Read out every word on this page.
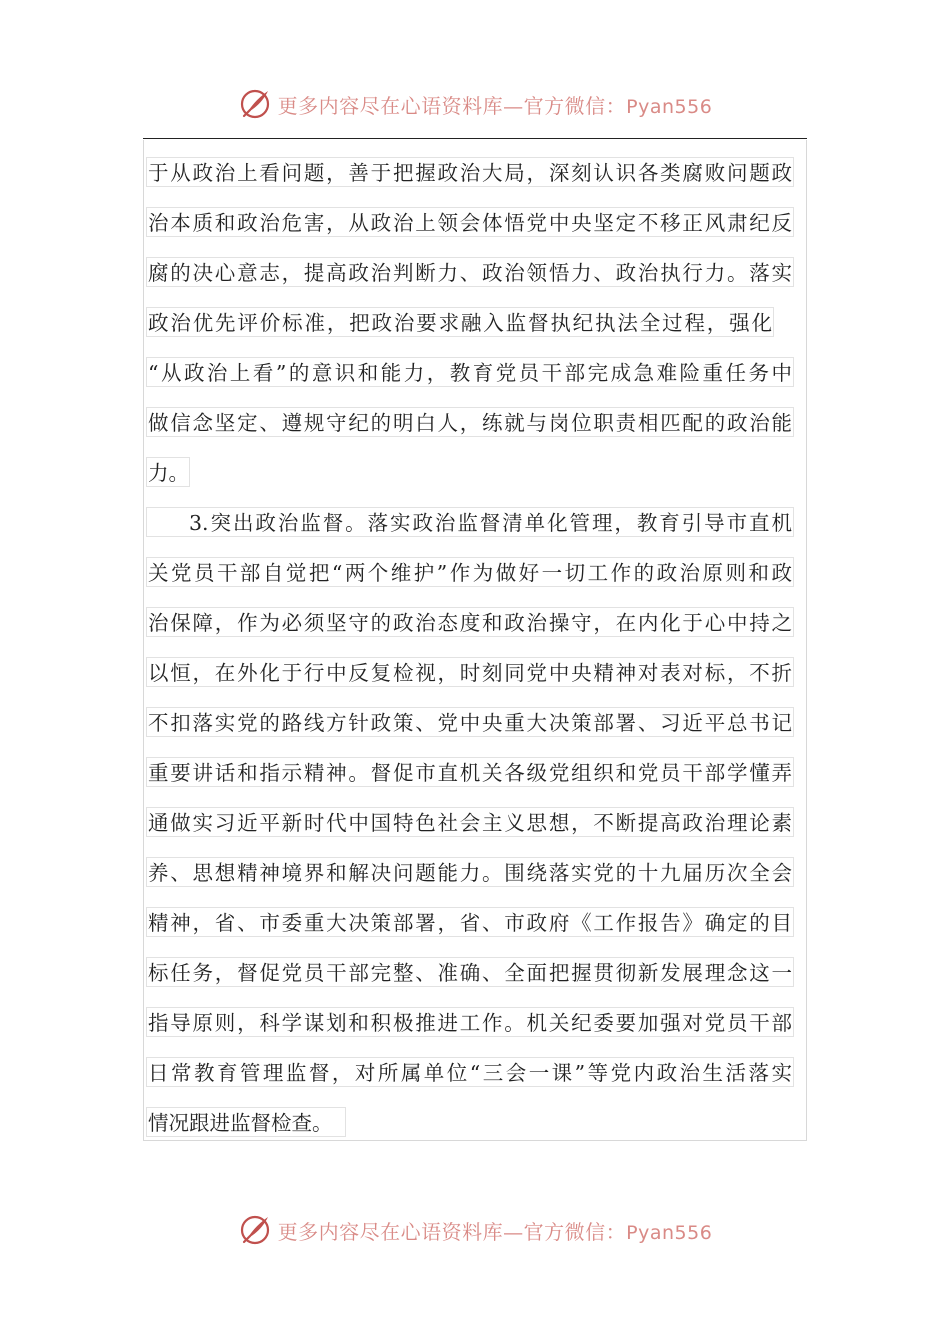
更多内容尽在心语资料库—官方微信：Pyan556
于从政治上看问题，善于把握政治大局，深刻认识各类腐败问题政
治本质和政治危害，从政治上领会体悟党中央坚定不移正风肃纪反
腐的决心意志，提高政治判断力、政治领悟力、政治执行力。落实
政治优先评价标准，把政治要求融入监督执纪执法全过程，强化
“从政治上看”的意识和能力，教育党员干部完成急难险重任务中
做信念坚定、遵规守纪的明白人，练就与岗位职责相匹配的政治能
力。
3.突出政治监督。落实政治监督清单化管理，教育引导市直机
关党员干部自觉把“两个维护”作为做好一切工作的政治原则和政
治保障，作为必须坚守的政治态度和政治操守，在内化于心中持之
以恒，在外化于行中反复检视，时刻同党中央精神对表对标，不折
不扣落实党的路线方针政策、党中央重大决策部署、习近平总书记
重要讲话和指示精神。督促市直机关各级党组织和党员干部学懂弄
通做实习近平新时代中国特色社会主义思想，不断提高政治理论素
养、思想精神境界和解决问题能力。围绕落实党的十九届历次全会
精神，省、市委重大决策部署，省、市政府《工作报告》确定的目
标任务，督促党员干部完整、准确、全面把握贯彻新发展理念这一
指导原则，科学谋划和积极推进工作。机关纪委要加强对党员干部
日常教育管理监督，对所属单位“三会一课”等党内政治生活落实
情况跟进监督检查。
更多内容尽在心语资料库—官方微信：Pyan556
